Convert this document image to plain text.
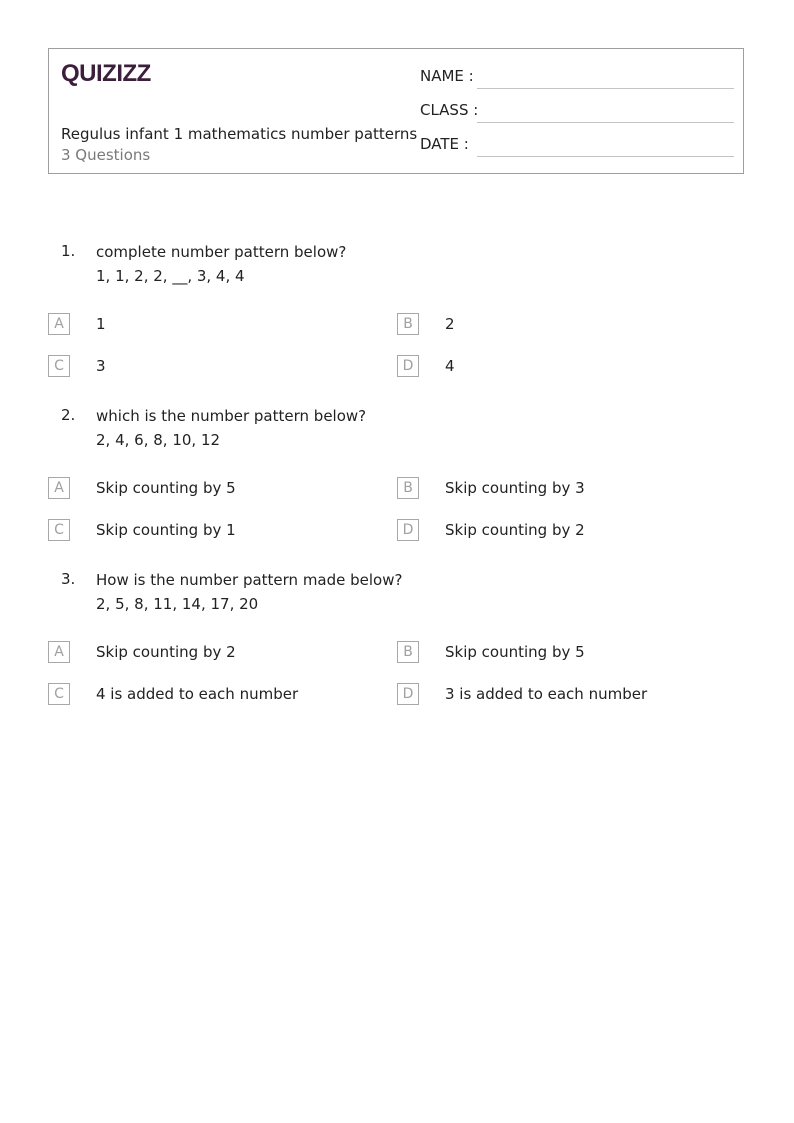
QUIZIZZ
Regulus infant 1 mathematics number patterns
3 Questions
NAME :
CLASS :
DATE :
1. complete number pattern below?
1, 1, 2, 2, __, 3, 4, 4
A	1	B	2
C	3	D	4
2. which is the number pattern below?
2, 4, 6, 8, 10, 12
A	Skip counting by 5	B	Skip counting by 3
C	Skip counting by 1	D	Skip counting by 2
3. How is the number pattern made below?
2, 5, 8, 11, 14, 17, 20
A	Skip counting by 2	B	Skip counting by 5
C	4 is added to each number	D	3 is added to each number
